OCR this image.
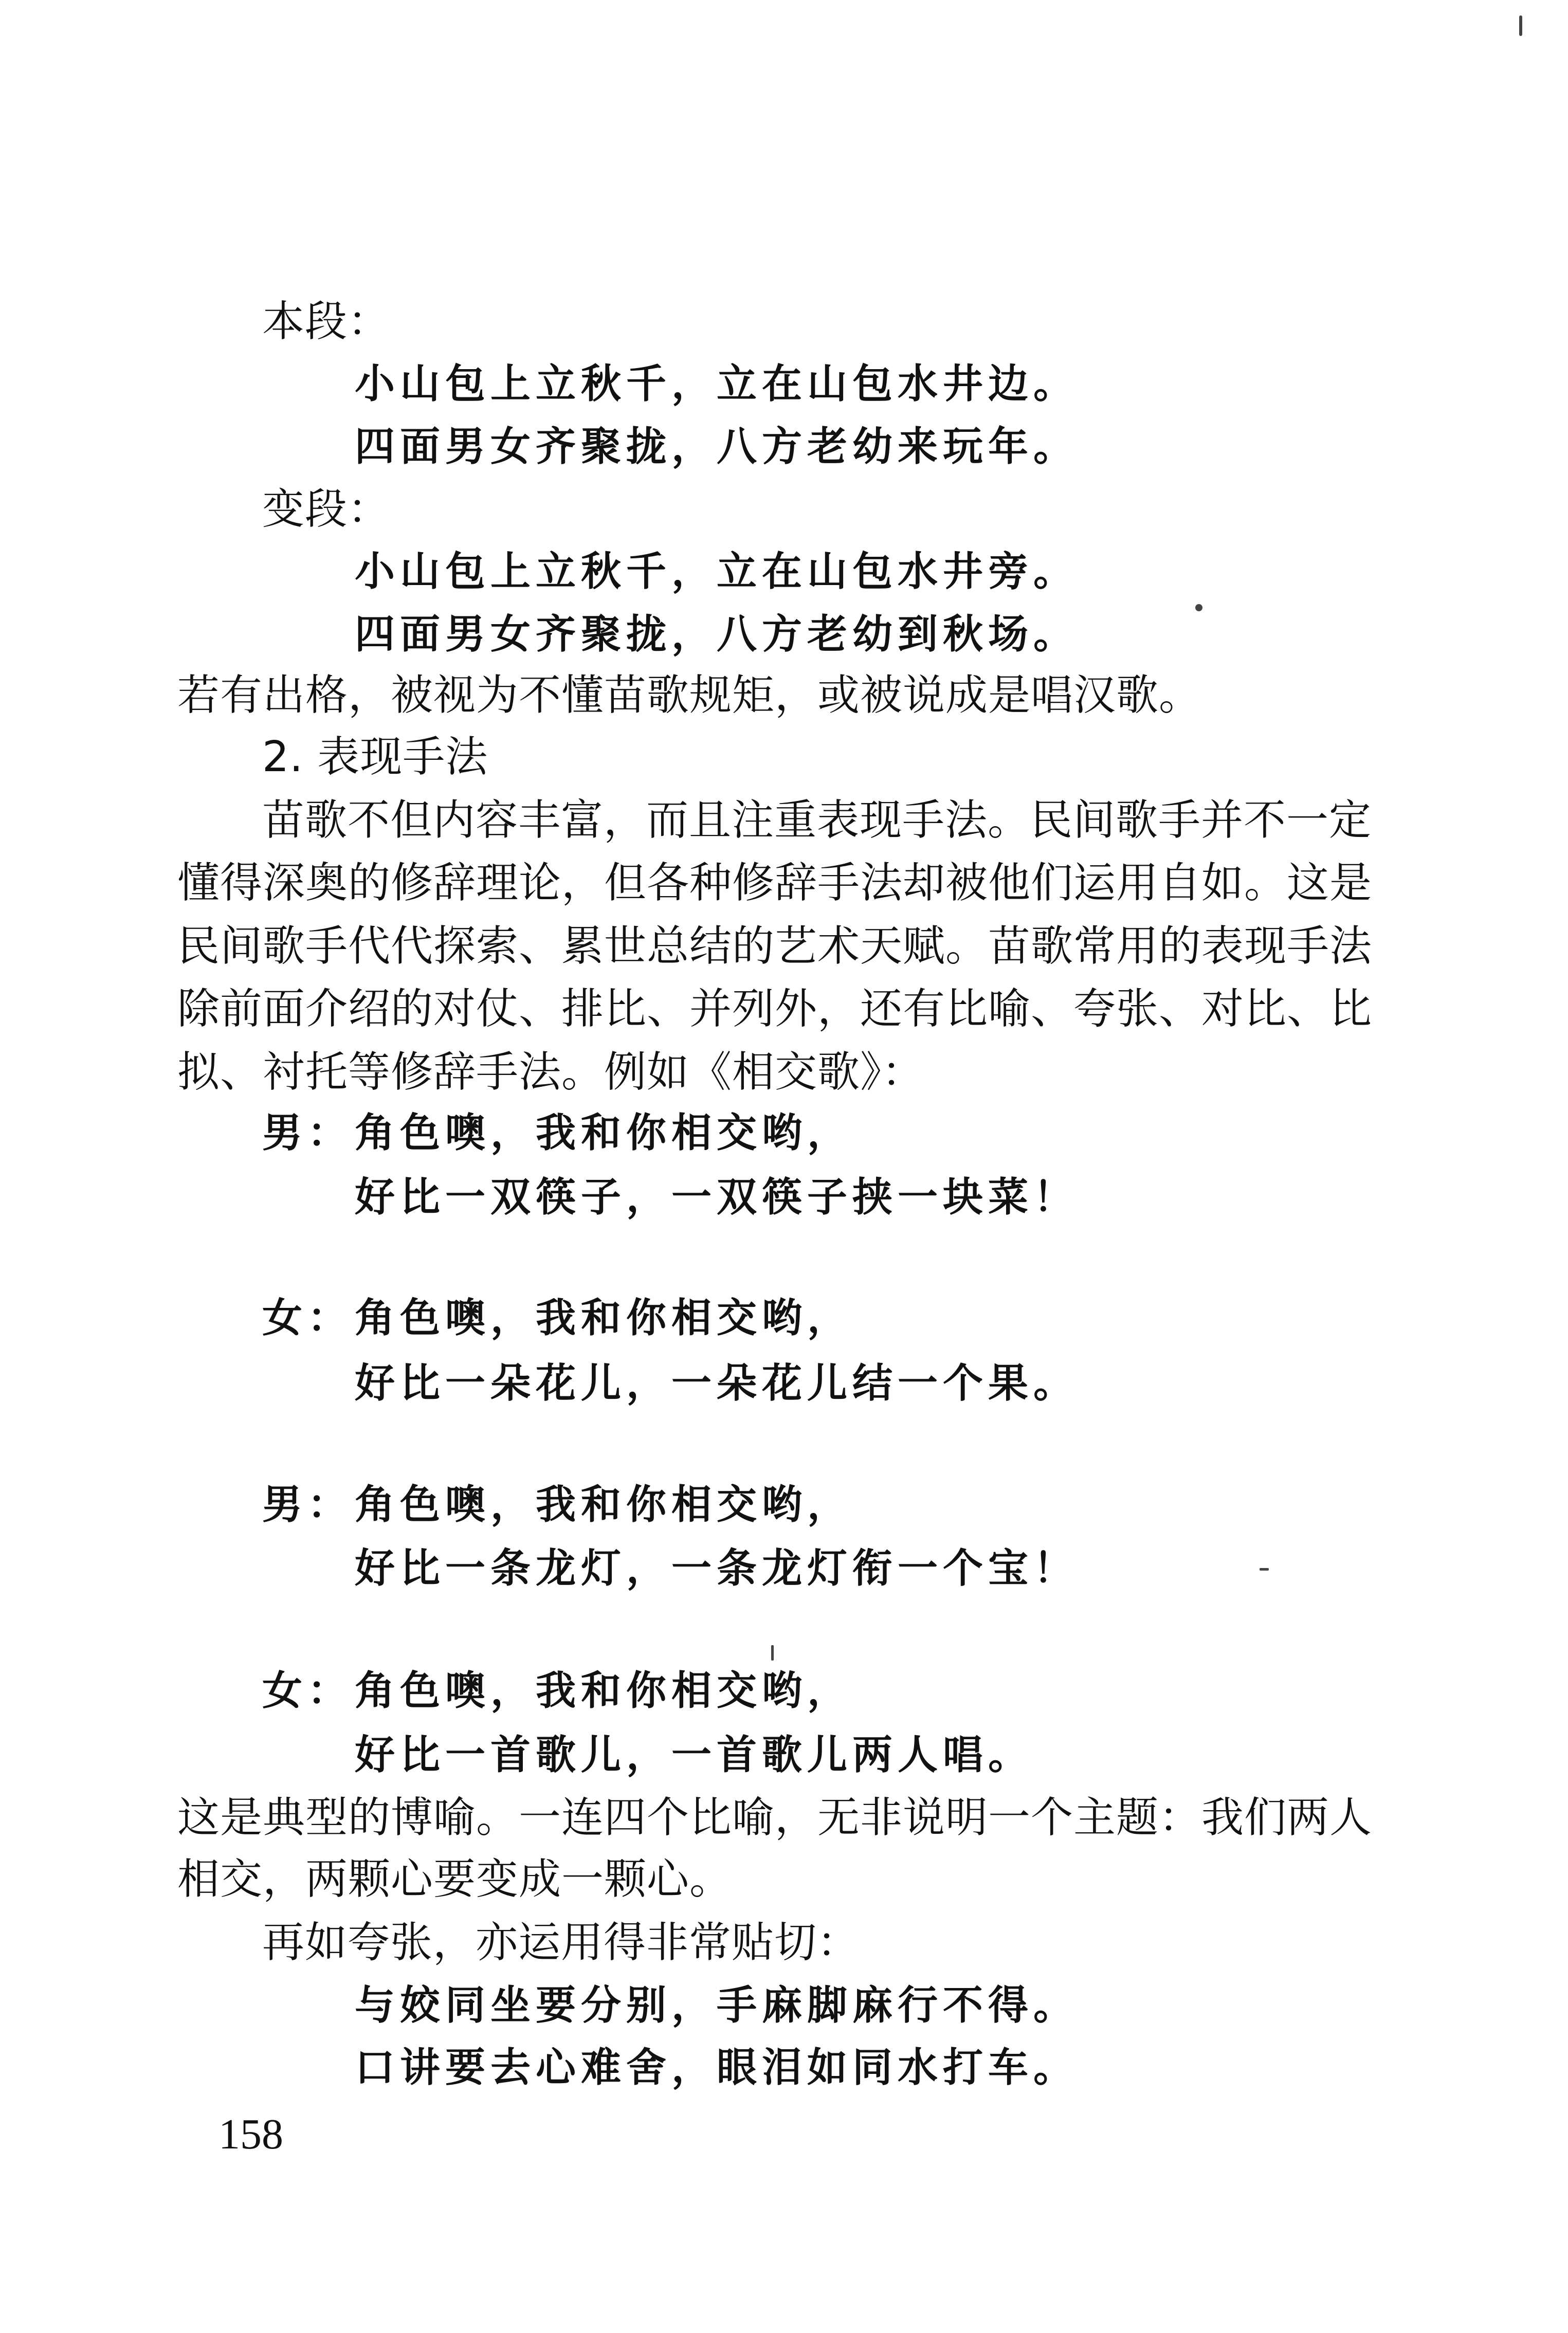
本段：
小山包上立秋千，立在山包水井边。
四面男女齐聚拢，八方老幼来玩年。
变段：
小山包上立秋千，立在山包水井旁。
四面男女齐聚拢，八方老幼到秋场。
若有出格，被视为不懂苗歌规矩，或被说成是唱汉歌。
2. 表现手法
苗歌不但内容丰富，而且注重表现手法。民间歌手并不一定
懂得深奥的修辞理论，但各种修辞手法却被他们运用自如。这是
民间歌手代代探索、累世总结的艺术天赋。苗歌常用的表现手法
除前面介绍的对仗、排比、并列外，还有比喻、夸张、对比、比
拟、衬托等修辞手法。例如《相交歌》：
男： 角色噢，我和你相交哟，
好比一双筷子，一双筷子挟一块菜！
女： 角色噢，我和你相交哟，
好比一朵花儿，一朵花儿结一个果。
男： 角色噢，我和你相交哟，
好比一条龙灯，一条龙灯衔一个宝！
女： 角色噢，我和你相交哟，
好比一首歌儿，一首歌儿两人唱。
这是典型的博喻。一连四个比喻，无非说明一个主题：我们两人
相交，两颗心要变成一颗心。
再如夸张，亦运用得非常贴切：
与姣同坐要分别，手麻脚麻行不得。
口讲要去心难舍，眼泪如同水打车。
158
